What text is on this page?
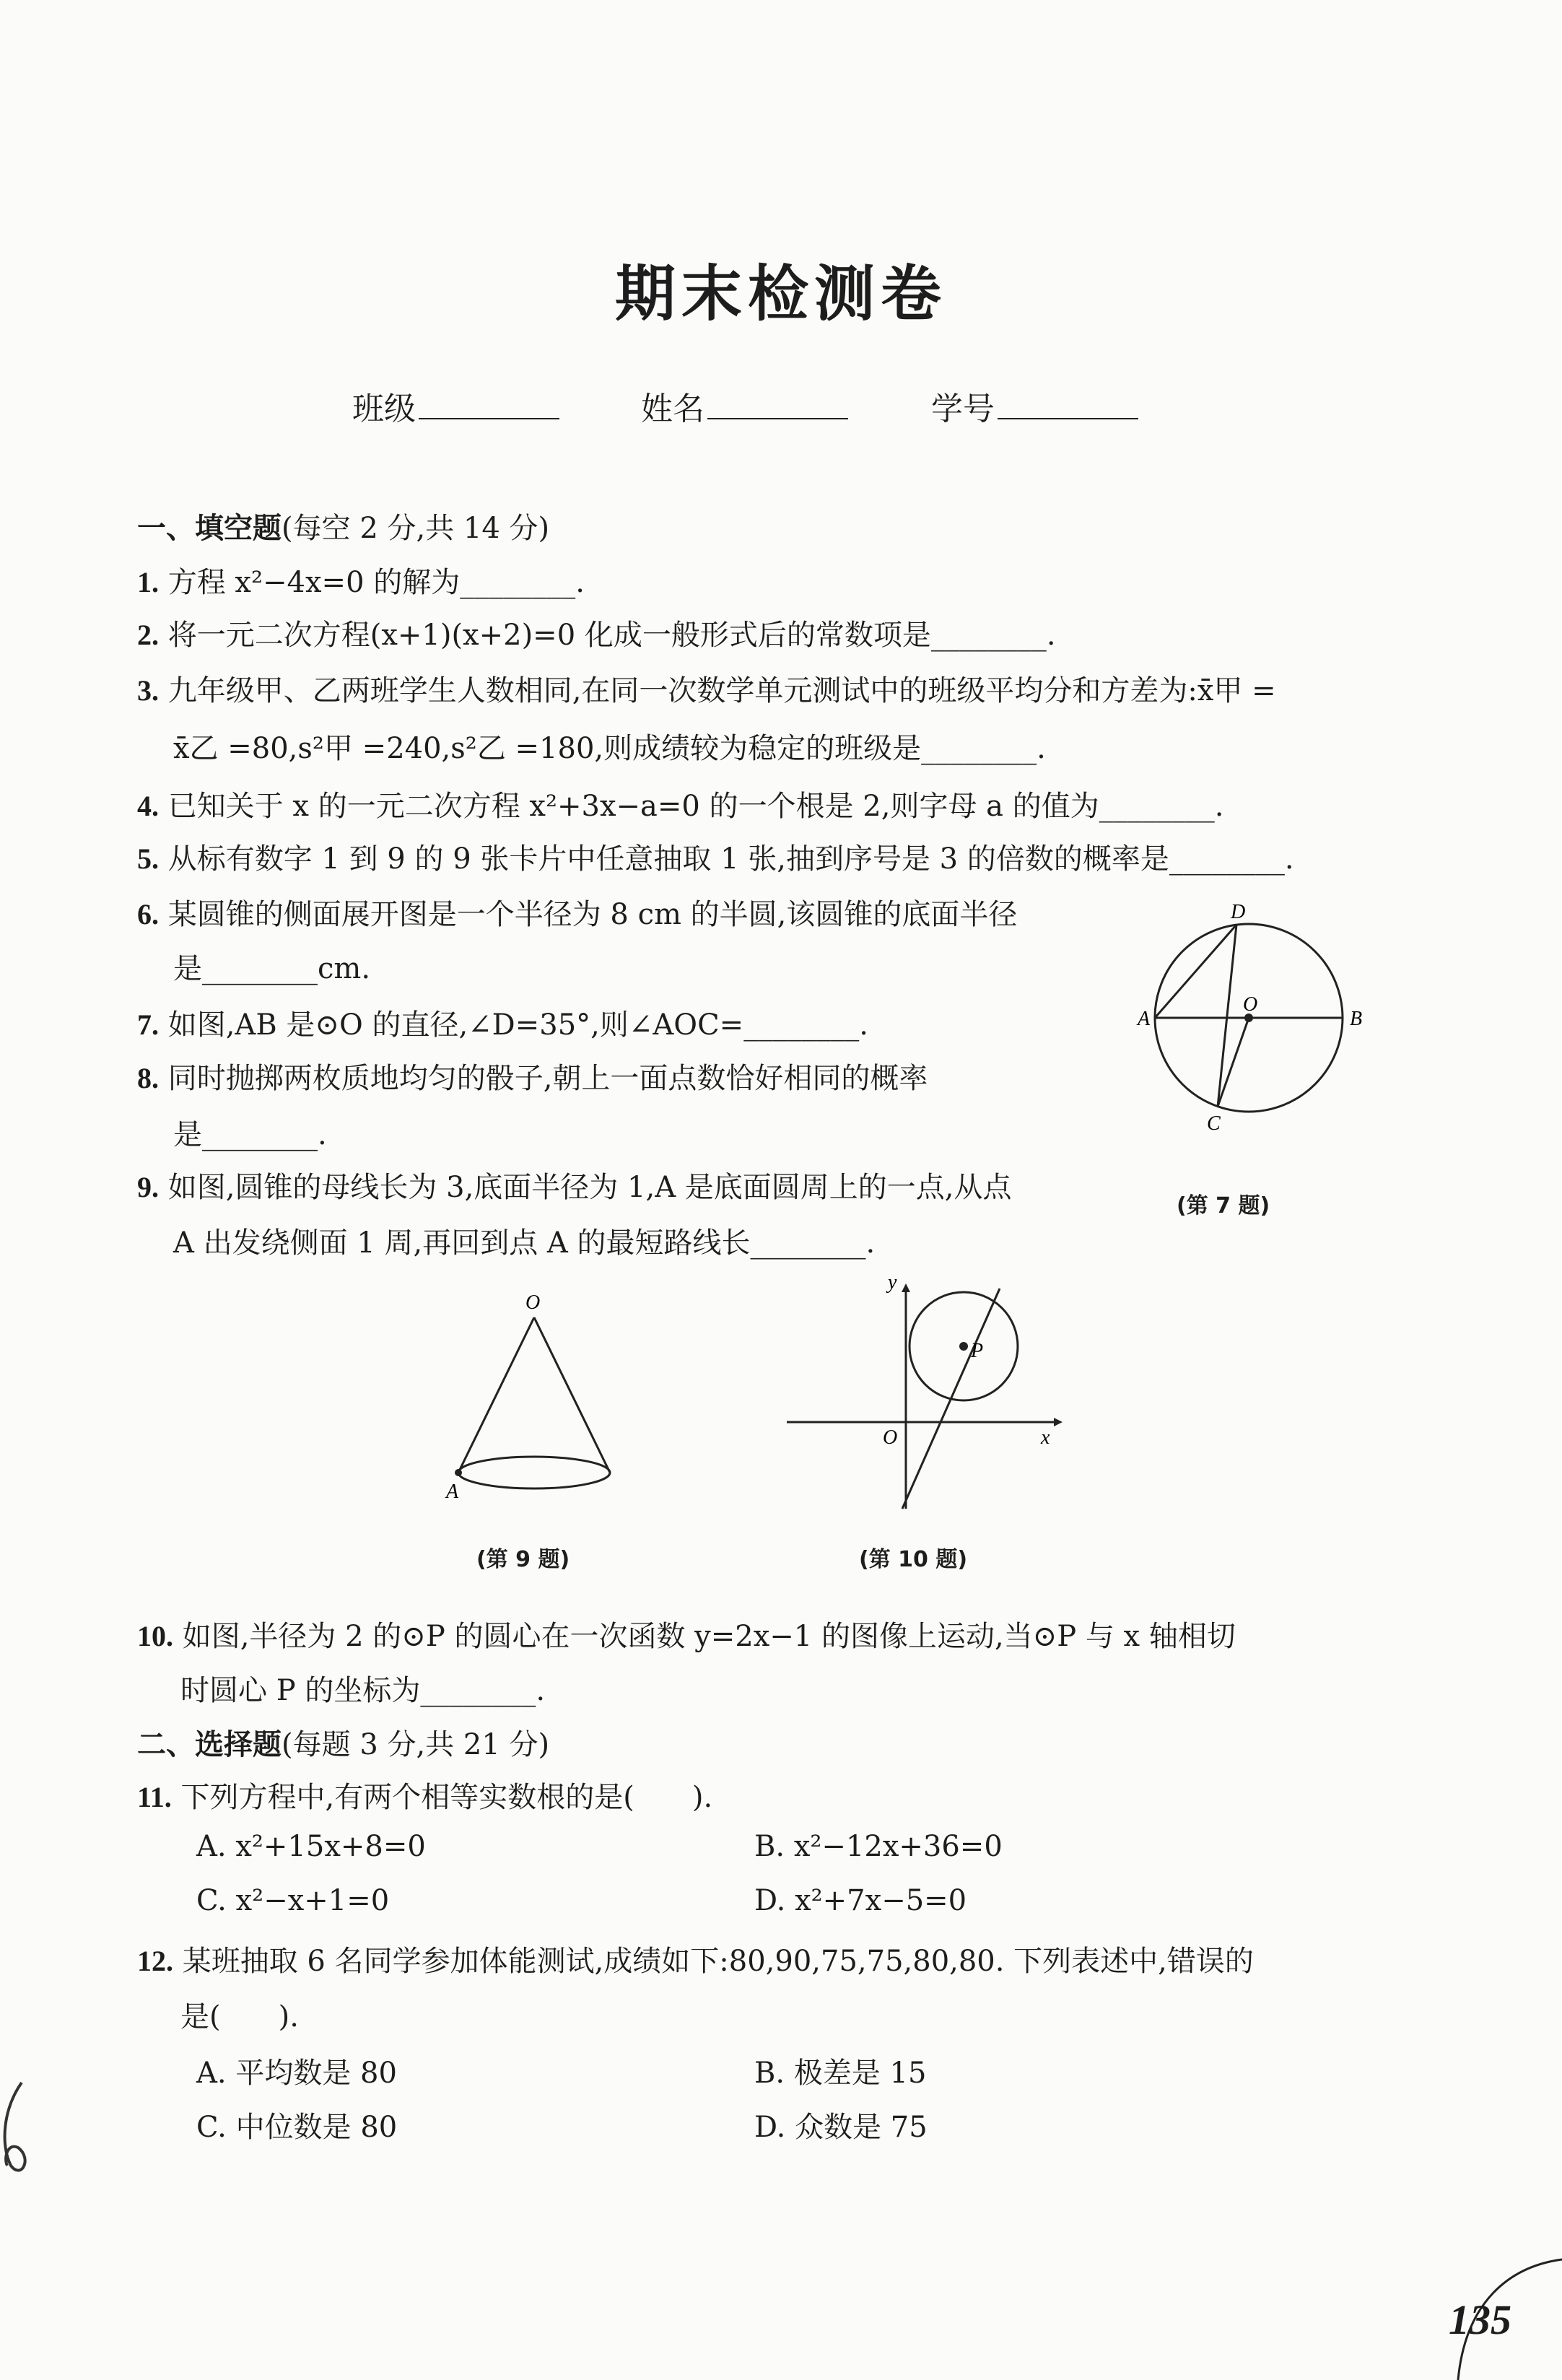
期末检测卷
班级	姓名	学号
一、填空题(每空 2 分,共 14 分)
1. 方程 x²−4x=0 的解为________.
2. 将一元二次方程(x+1)(x+2)=0 化成一般形式后的常数项是________.
3. 九年级甲、乙两班学生人数相同,在同一次数学单元测试中的班级平均分和方差为:x̄甲 =
x̄乙 =80,s²甲 =240,s²乙 =180,则成绩较为稳定的班级是________.
4. 已知关于 x 的一元二次方程 x²+3x−a=0 的一个根是 2,则字母 a 的值为________.
5. 从标有数字 1 到 9 的 9 张卡片中任意抽取 1 张,抽到序号是 3 的倍数的概率是________.
6. 某圆锥的侧面展开图是一个半径为 8 cm 的半圆,该圆锥的底面半径
是________cm.
7. 如图,AB 是⊙O 的直径,∠D=35°,则∠AOC=________.
8. 同时抛掷两枚质地均匀的骰子,朝上一面点数恰好相同的概率
是________.
9. 如图,圆锥的母线长为 3,底面半径为 1,A 是底面圆周上的一点,从点
A 出发绕侧面 1 周,再回到点 A 的最短路线长________.
D
A
O
B
C
(第 7 题)
O
A
(第 9 题)
y
x
O
P
(第 10 题)
10. 如图,半径为 2 的⊙P 的圆心在一次函数 y=2x−1 的图像上运动,当⊙P 与 x 轴相切
时圆心 P 的坐标为________.
二、选择题(每题 3 分,共 21 分)
11. 下列方程中,有两个相等实数根的是(　　).
A. x²+15x+8=0	B. x²−12x+36=0
C. x²−x+1=0	D. x²+7x−5=0
12. 某班抽取 6 名同学参加体能测试,成绩如下:80,90,75,75,80,80. 下列表述中,错误的
是(　　).
A. 平均数是 80	B. 极差是 15
C. 中位数是 80	D. 众数是 75
135
